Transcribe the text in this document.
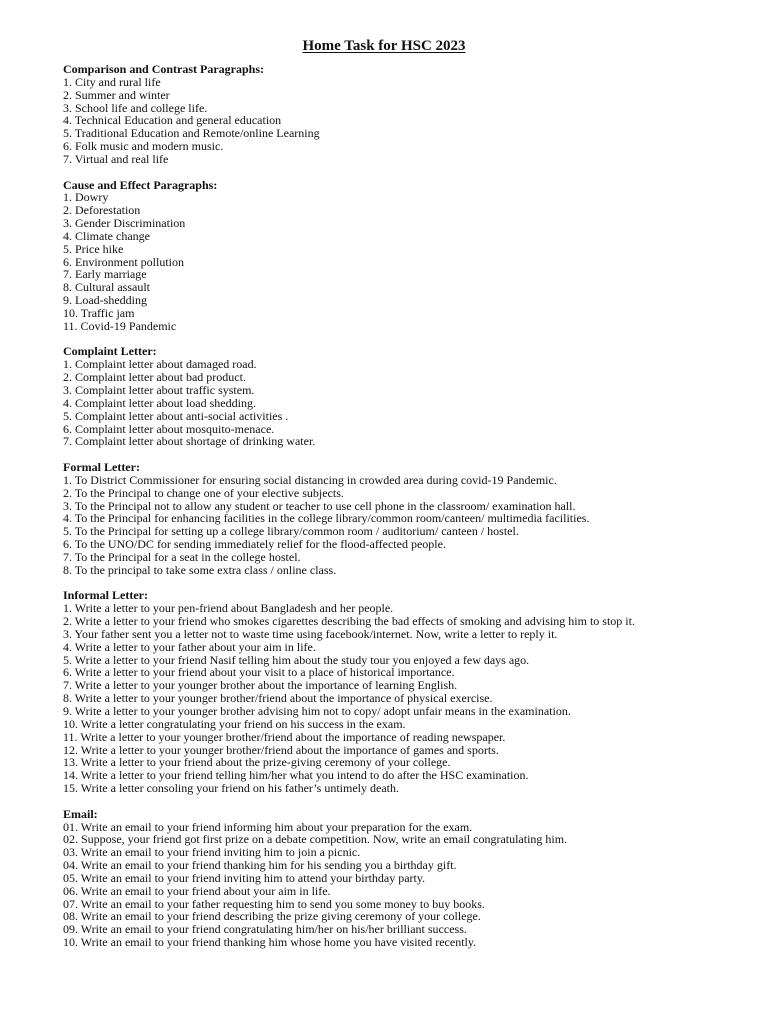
Home Task for HSC 2023
Comparison and Contrast Paragraphs:
1. City and rural life
2. Summer and winter
3. School life and college life.
4. Technical Education and general education
5. Traditional Education and Remote/online Learning
6. Folk music and modern music.
7. Virtual and real life
Cause and Effect Paragraphs:
1. Dowry
2. Deforestation
3. Gender Discrimination
4. Climate change
5. Price hike
6. Environment pollution
7. Early marriage
8. Cultural assault
9. Load-shedding
10. Traffic jam
11. Covid-19 Pandemic
Complaint Letter:
1. Complaint letter about damaged road.
2. Complaint letter about bad product.
3. Complaint letter about traffic system.
4. Complaint letter about load shedding.
5. Complaint letter about anti-social activities .
6. Complaint letter about mosquito-menace.
7. Complaint letter about shortage of drinking water.
Formal Letter:
1. To District Commissioner for ensuring social distancing in crowded area during covid-19 Pandemic.
2. To the Principal to change one of your elective subjects.
3. To the Principal not to allow any student or teacher to use cell phone in the classroom/ examination hall.
4. To the Principal for enhancing facilities in the college library/common room/canteen/ multimedia facilities.
5. To the Principal for setting up a college library/common room / auditorium/ canteen / hostel.
6. To the UNO/DC for sending immediately relief for the flood-affected people.
7. To the Principal for a seat in the college hostel.
8. To the principal to take some extra class / online class.
Informal Letter:
1. Write a letter to your pen-friend about Bangladesh and her people.
2. Write a letter to your friend who smokes cigarettes describing the bad effects of smoking and advising him to stop it.
3. Your father sent you a letter not to waste time using facebook/internet. Now, write a letter to reply it.
4. Write a letter to your father about your aim in life.
5. Write a letter to your friend Nasif telling him about the study tour you enjoyed a few days ago.
6. Write a letter to your friend about your visit to a place of historical importance.
7. Write a letter to your younger brother about the importance of learning English.
8. Write a letter to your younger brother/friend about the importance of physical exercise.
9. Write a letter to your younger brother advising him not to copy/ adopt unfair means in the examination.
10. Write a letter congratulating your friend on his success in the exam.
11. Write a letter to your younger brother/friend about the importance of reading newspaper.
12. Write a letter to your younger brother/friend about the importance of games and sports.
13. Write a letter to your friend about the prize-giving ceremony of your college.
14. Write a letter to your friend telling him/her what you intend to do after the HSC examination.
15. Write a letter consoling your friend on his father’s untimely death.
Email:
01. Write an email to your friend informing him about your preparation for the exam.
02. Suppose, your friend got first prize on a debate competition. Now, write an email congratulating him.
03. Write an email to your friend inviting him to join a picnic.
04. Write an email to your friend thanking him for his sending you a birthday gift.
05. Write an email to your friend inviting him to attend your birthday party.
06. Write an email to your friend about your aim in life.
07. Write an email to your father requesting him to send you some money to buy books.
08. Write an email to your friend describing the prize giving ceremony of your college.
09. Write an email to your friend congratulating him/her on his/her brilliant success.
10. Write an email to your friend thanking him whose home you have visited recently.
